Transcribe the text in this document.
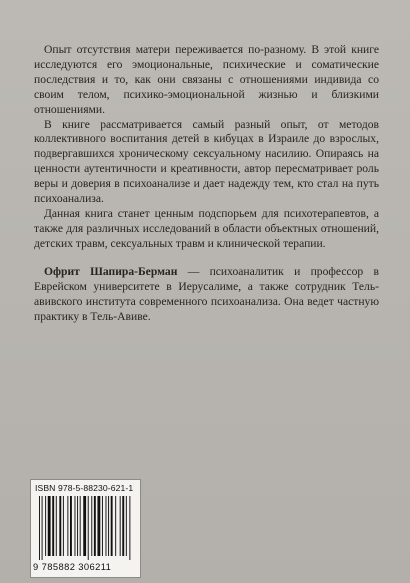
Опыт отсутствия матери переживается по-разному. В этой книге исследуются его эмоциональные, психические и соматические последствия и то, как они связаны с отношениями индивида со своим телом, психико-эмоциональной жизнью и близкими отношениями.

В книге рассматривается самый разный опыт, от методов коллективного воспитания детей в кибуцах в Израиле до взрослых, подвергавшихся хроническому сексуальному насилию. Опираясь на ценности аутентичности и креативности, автор пересматривает роль веры и доверия в психоанализе и дает надежду тем, кто стал на путь психоанализа.

Данная книга станет ценным подспорьем для психотерапевтов, а также для различных исследований в области объектных отношений, детских травм, сексуальных травм и клинической терапии.

Офрит Шапира-Берман — психоаналитик и профессор в Еврейском университете в Иерусалиме, а также сотрудник Тель-авивского института современного психоанализа. Она ведет частную практику в Тель-Авиве.

ISBN 978-5-88230-621-1
9 785882 306211
